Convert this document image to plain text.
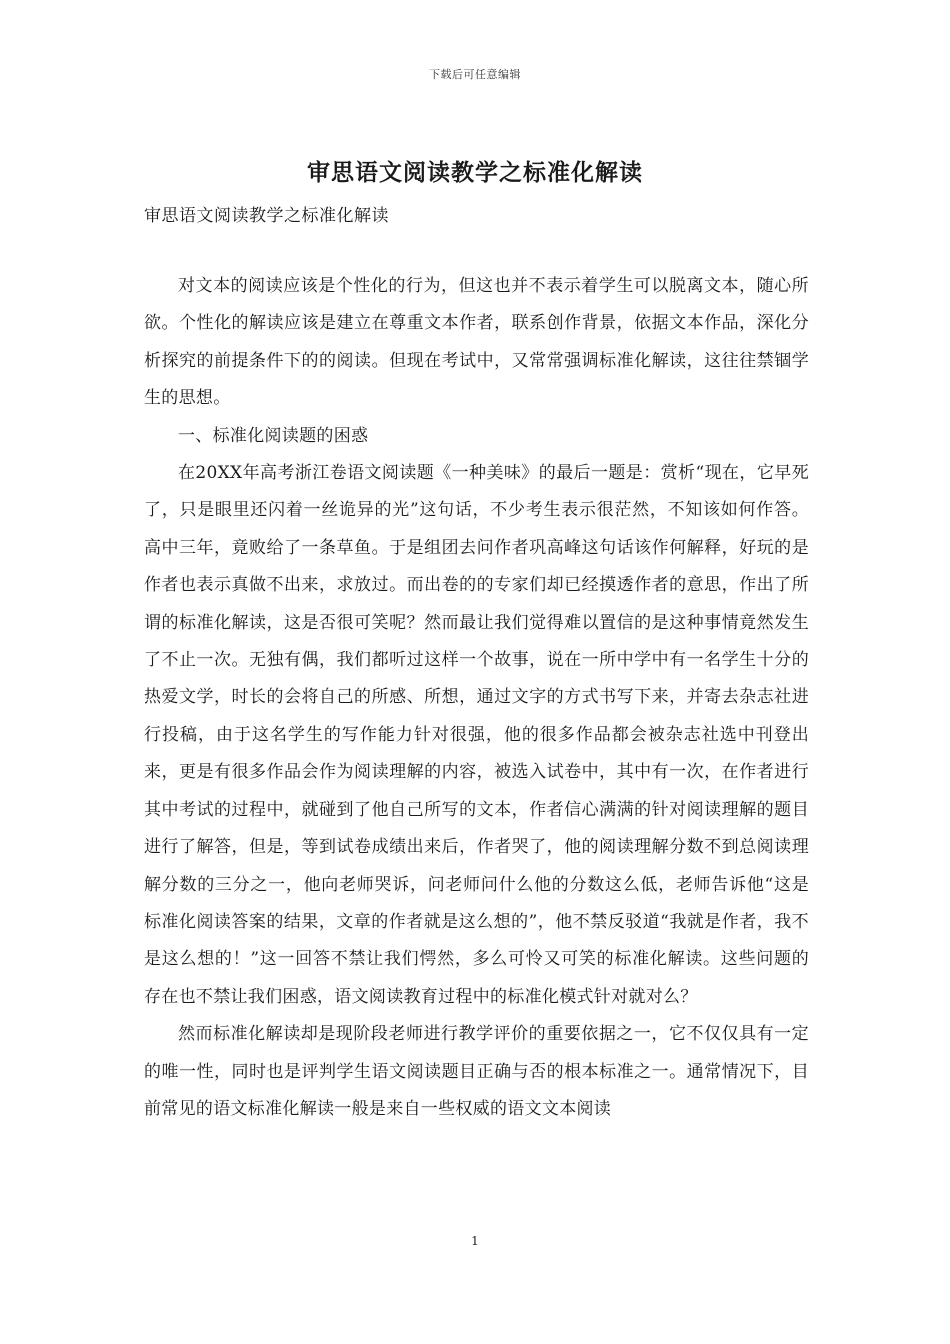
下载后可任意编辑
审思语文阅读教学之标准化解读

审思语文阅读教学之标准化解读

对文本的阅读应该是个性化的行为，但这也并不表示着学生可以脱离文本，随心所欲。个性化的解读应该是建立在尊重文本作者，联系创作背景，依据文本作品，深化分析探究的前提条件下的的阅读。但现在考试中，又常常强调标准化解读，这往往禁锢学生的思想。

一、标准化阅读题的困惑

在20XX年高考浙江卷语文阅读题《一种美味》的最后一题是：赏析“现在，它早死了，只是眼里还闪着一丝诡异的光”这句话，不少考生表示很茫然，不知该如何作答。高中三年，竟败给了一条草鱼。于是组团去问作者巩高峰这句话该作何解释，好玩的是作者也表示真做不出来，求放过。而出卷的的专家们却已经摸透作者的意思，作出了所谓的标准化解读，这是否很可笑呢？然而最让我们觉得难以置信的是这种事情竟然发生了不止一次。无独有偶，我们都听过这样一个故事，说在一所中学中有一名学生十分的热爱文学，时长的会将自己的所感、所想，通过文字的方式书写下来，并寄去杂志社进行投稿，由于这名学生的写作能力针对很强，他的很多作品都会被杂志社选中刊登出来，更是有很多作品会作为阅读理解的内容，被选入试卷中，其中有一次，在作者进行其中考试的过程中，就碰到了他自己所写的文本，作者信心满满的针对阅读理解的题目进行了解答，但是，等到试卷成绩出来后，作者哭了，他的阅读理解分数不到总阅读理解分数的三分之一，他向老师哭诉，问老师问什么他的分数这么低，老师告诉他“这是标准化阅读答案的结果，文章的作者就是这么想的”，他不禁反驳道“我就是作者，我不是这么想的！”这一回答不禁让我们愕然，多么可怜又可笑的标准化解读。这些问题的存在也不禁让我们困惑，语文阅读教育过程中的标准化模式针对就对么？

然而标准化解读却是现阶段老师进行教学评价的重要依据之一，它不仅仅具有一定的唯一性，同时也是评判学生语文阅读题目正确与否的根本标准之一。通常情况下，目前常见的语文标准化解读一般是来自一些权威的语文文本阅读

1
